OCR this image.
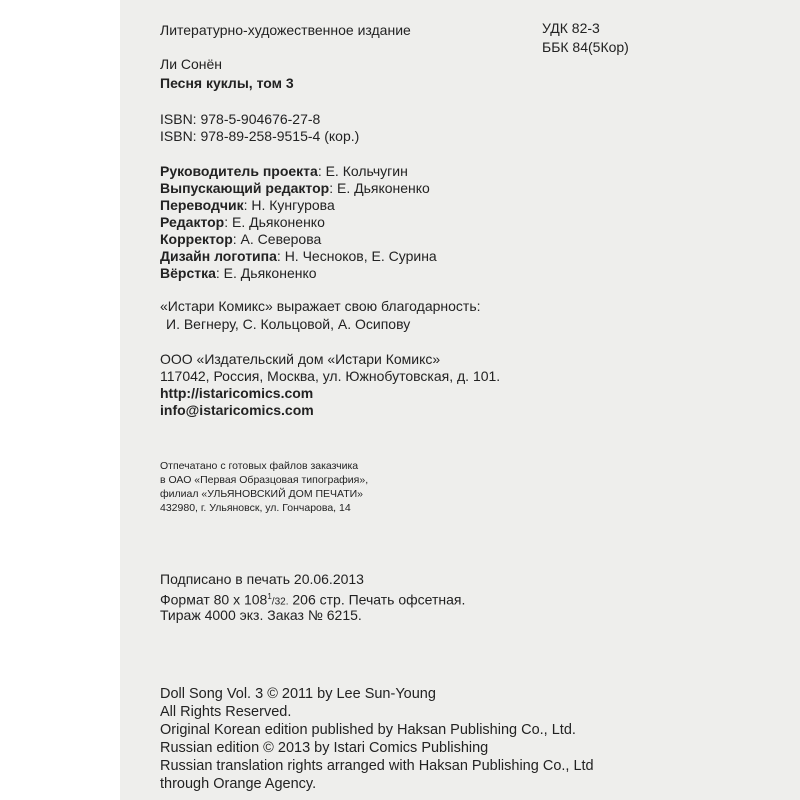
Литературно-художественное издание	УДК 82-3
ББК 84(5Кор)
Ли Сонён
Песня куклы, том 3
ISBN: 978-5-904676-27-8
ISBN: 978-89-258-9515-4 (кор.)
Руководитель проекта: Е. Кольчугин
Выпускающий редактор: Е. Дьяконенко
Переводчик: Н. Кунгурова
Редактор: Е. Дьяконенко
Корректор: А. Северова
Дизайн логотипа: Н. Чесноков, Е. Сурина
Вёрстка: Е. Дьяконенко
«Истари Комикс» выражает свою благодарность:
И. Вегнеру, С. Кольцовой, А. Осипову
ООО «Издательский дом «Истари Комикс»
117042, Россия, Москва, ул. Южнобутовская, д. 101.
http://istaricomics.com
info@istaricomics.com
Отпечатано с готовых файлов заказчика
в ОАО «Первая Образцовая типография»,
филиал «УЛЬЯНОВСКИЙ ДОМ ПЕЧАТИ»
432980, г. Ульяновск, ул. Гончарова, 14
Подписано в печать 20.06.2013
Формат 80 х $108^1/32$. 206 стр. Печать офсетная.
Тираж 4000 экз. Заказ № 6215.
Doll Song Vol. 3 © 2011 by Lee Sun-Young
All Rights Reserved.
Original Korean edition published by Haksan Publishing Co., Ltd.
Russian edition © 2013 by Istari Comics Publishing
Russian translation rights arranged with Haksan Publishing Co., Ltd
through Orange Agency.
